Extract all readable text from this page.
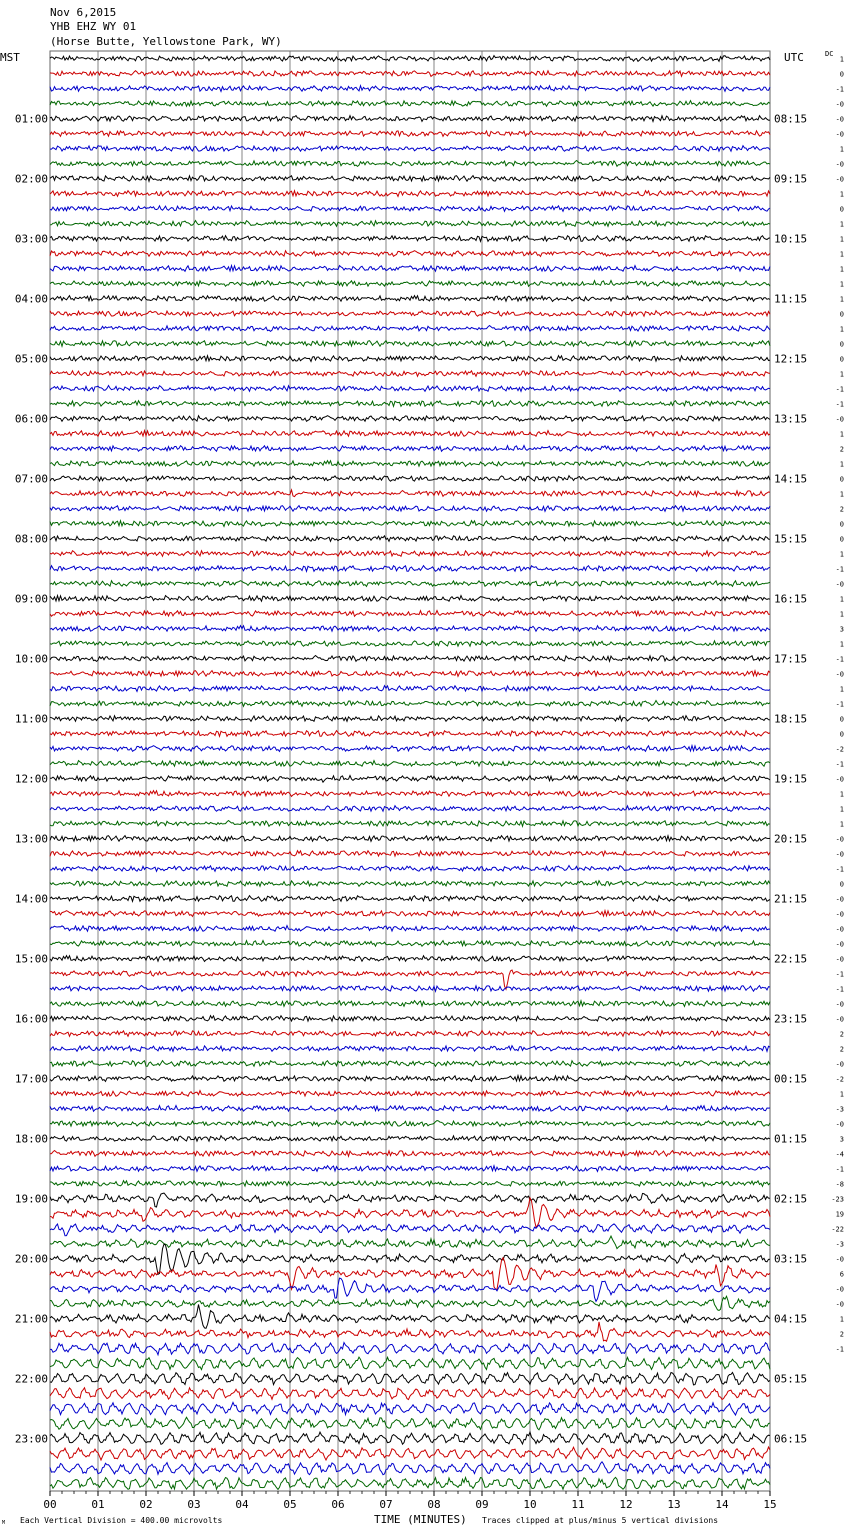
Nov 6,2015
YHB EHZ WY 01
(Horse Butte, Yellowstone Park, WY)
MST	UTC	DC
01:00
02:00
03:00
04:00
05:00
06:00
07:00
08:00
09:00
10:00
11:00
12:00
13:00
14:00
15:00
16:00
17:00
18:00
19:00
20:00
21:00
22:00
23:00
08:15
09:15
10:15
11:15
12:15
13:15
14:15
15:15
16:15
17:15
18:15
19:15
20:15
21:15
22:15
23:15
00:15
01:15
02:15
03:15
04:15
05:15
06:15
1
0
-1
-0
-0
-0
1
-0
-0
1
0
1
1
1
1
1
1
0
1
0
0
1
-1
-1
-0
1
2
1
0
1
2
0
0
1
-1
-0
1
1
3
1
-1
-0
1
-1
0
0
-2
-1
-0
1
1
1
-0
-0
-1
0
-0
-0
-0
-0
-0
-1
-1
-0
-0
2
2
-0
-2
1
-3
-0
3
-4
-1
-8
-23
19
-22
-3
-0
6
-0
-0
1
2
-1
00	01	02	03	04	05	06	07	08	09	10	11	12	13	14	15
M Each Vertical Division = 400.00 microvolts	TIME (MINUTES) Traces clipped at plus/minus 5 vertical divisions
